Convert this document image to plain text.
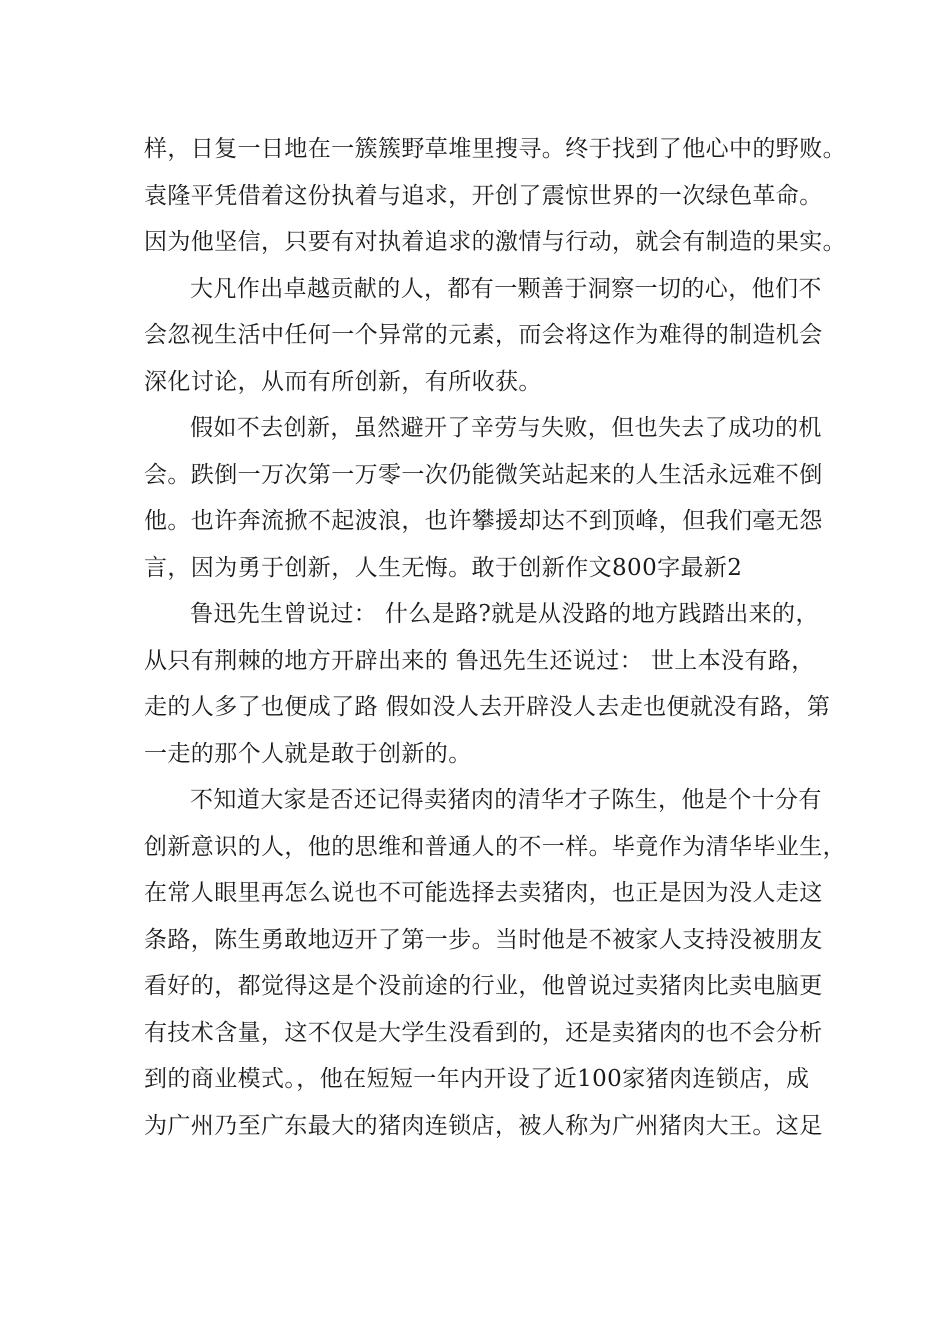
样，日复一日地在一簇簇野草堆里搜寻。终于找到了他心中的野败。
袁隆平凭借着这份执着与追求，开创了震惊世界的一次绿色革命。
因为他坚信，只要有对执着追求的激情与行动，就会有制造的果实。
大凡作出卓越贡献的人，都有一颗善于洞察一切的心，他们不
会忽视生活中任何一个异常的元素，而会将这作为难得的制造机会
深化讨论，从而有所创新，有所收获。
假如不去创新，虽然避开了辛劳与失败，但也失去了成功的机
会。跌倒一万次第一万零一次仍能微笑站起来的人生活永远难不倒
他。也许奔流掀不起波浪，也许攀援却达不到顶峰，但我们毫无怨
言，因为勇于创新，人生无悔。敢于创新作文800字最新2
鲁迅先生曾说过： 什么是路?就是从没路的地方践踏出来的，
从只有荆棘的地方开辟出来的 鲁迅先生还说过： 世上本没有路，
走的人多了也便成了路 假如没人去开辟没人去走也便就没有路，第
一走的那个人就是敢于创新的。
不知道大家是否还记得卖猪肉的清华才子陈生，他是个十分有
创新意识的人，他的思维和普通人的不一样。毕竟作为清华毕业生，
在常人眼里再怎么说也不可能选择去卖猪肉，也正是因为没人走这
条路，陈生勇敢地迈开了第一步。当时他是不被家人支持没被朋友
看好的，都觉得这是个没前途的行业，他曾说过卖猪肉比卖电脑更
有技术含量，这不仅是大学生没看到的，还是卖猪肉的也不会分析
到的商业模式。，他在短短一年内开设了近100家猪肉连锁店，成
为广州乃至广东最大的猪肉连锁店，被人称为广州猪肉大王。这足
